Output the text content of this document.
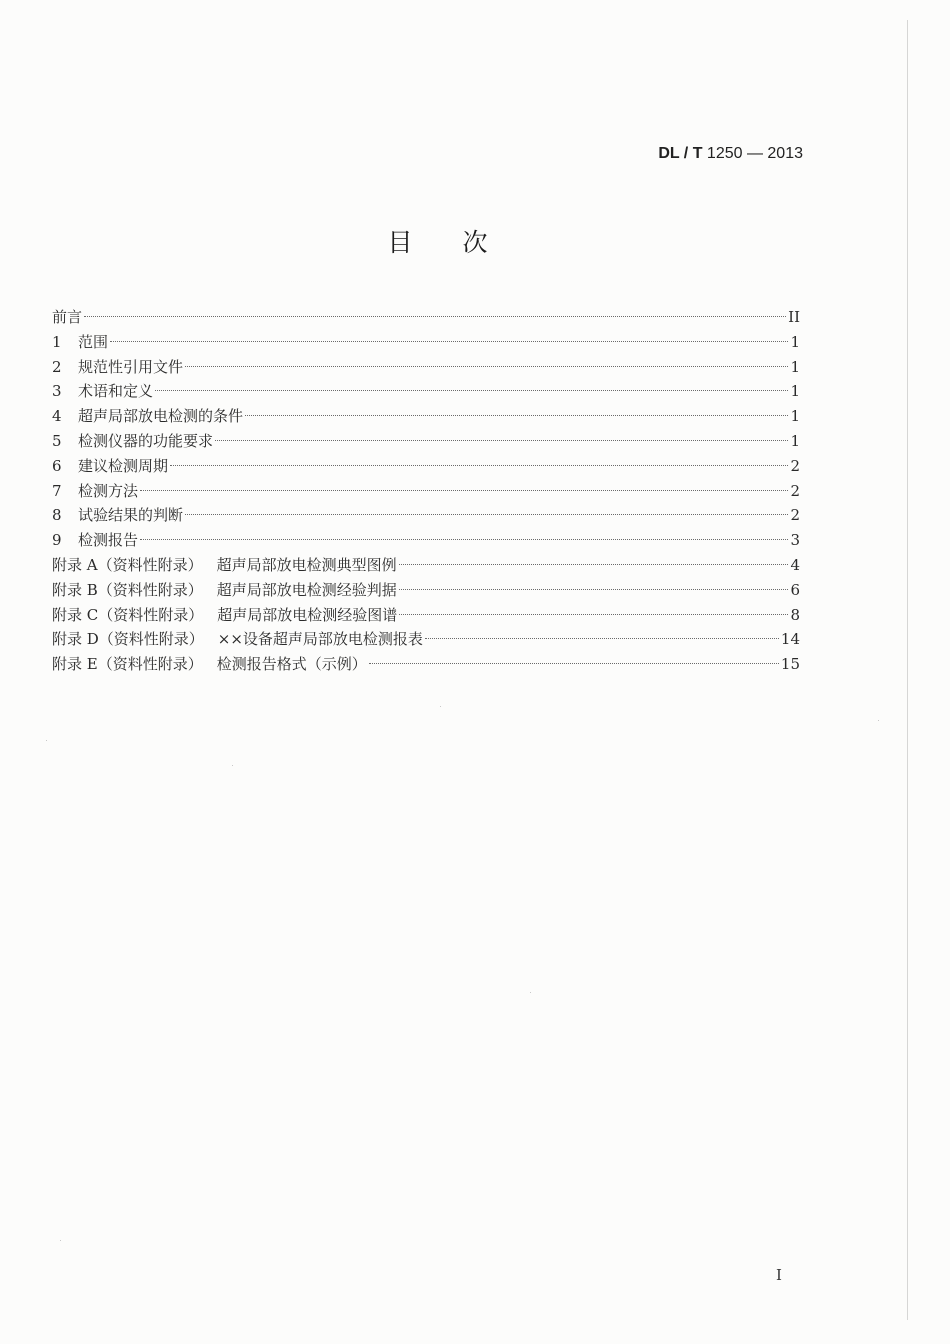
DL / T 1250 — 2013
目次
前言	II
1	范围	1
2	规范性引用文件	1
3	术语和定义	1
4	超声局部放电检测的条件	1
5	检测仪器的功能要求	1
6	建议检测周期	2
7	检测方法	2
8	试验结果的判断	2
9	检测报告	3
附录 A（资料性附录） 超声局部放电检测典型图例	4
附录 B（资料性附录） 超声局部放电检测经验判据	6
附录 C（资料性附录） 超声局部放电检测经验图谱	8
附录 D（资料性附录） ××设备超声局部放电检测报表	14
附录 E（资料性附录） 检测报告格式（示例）	15
I
